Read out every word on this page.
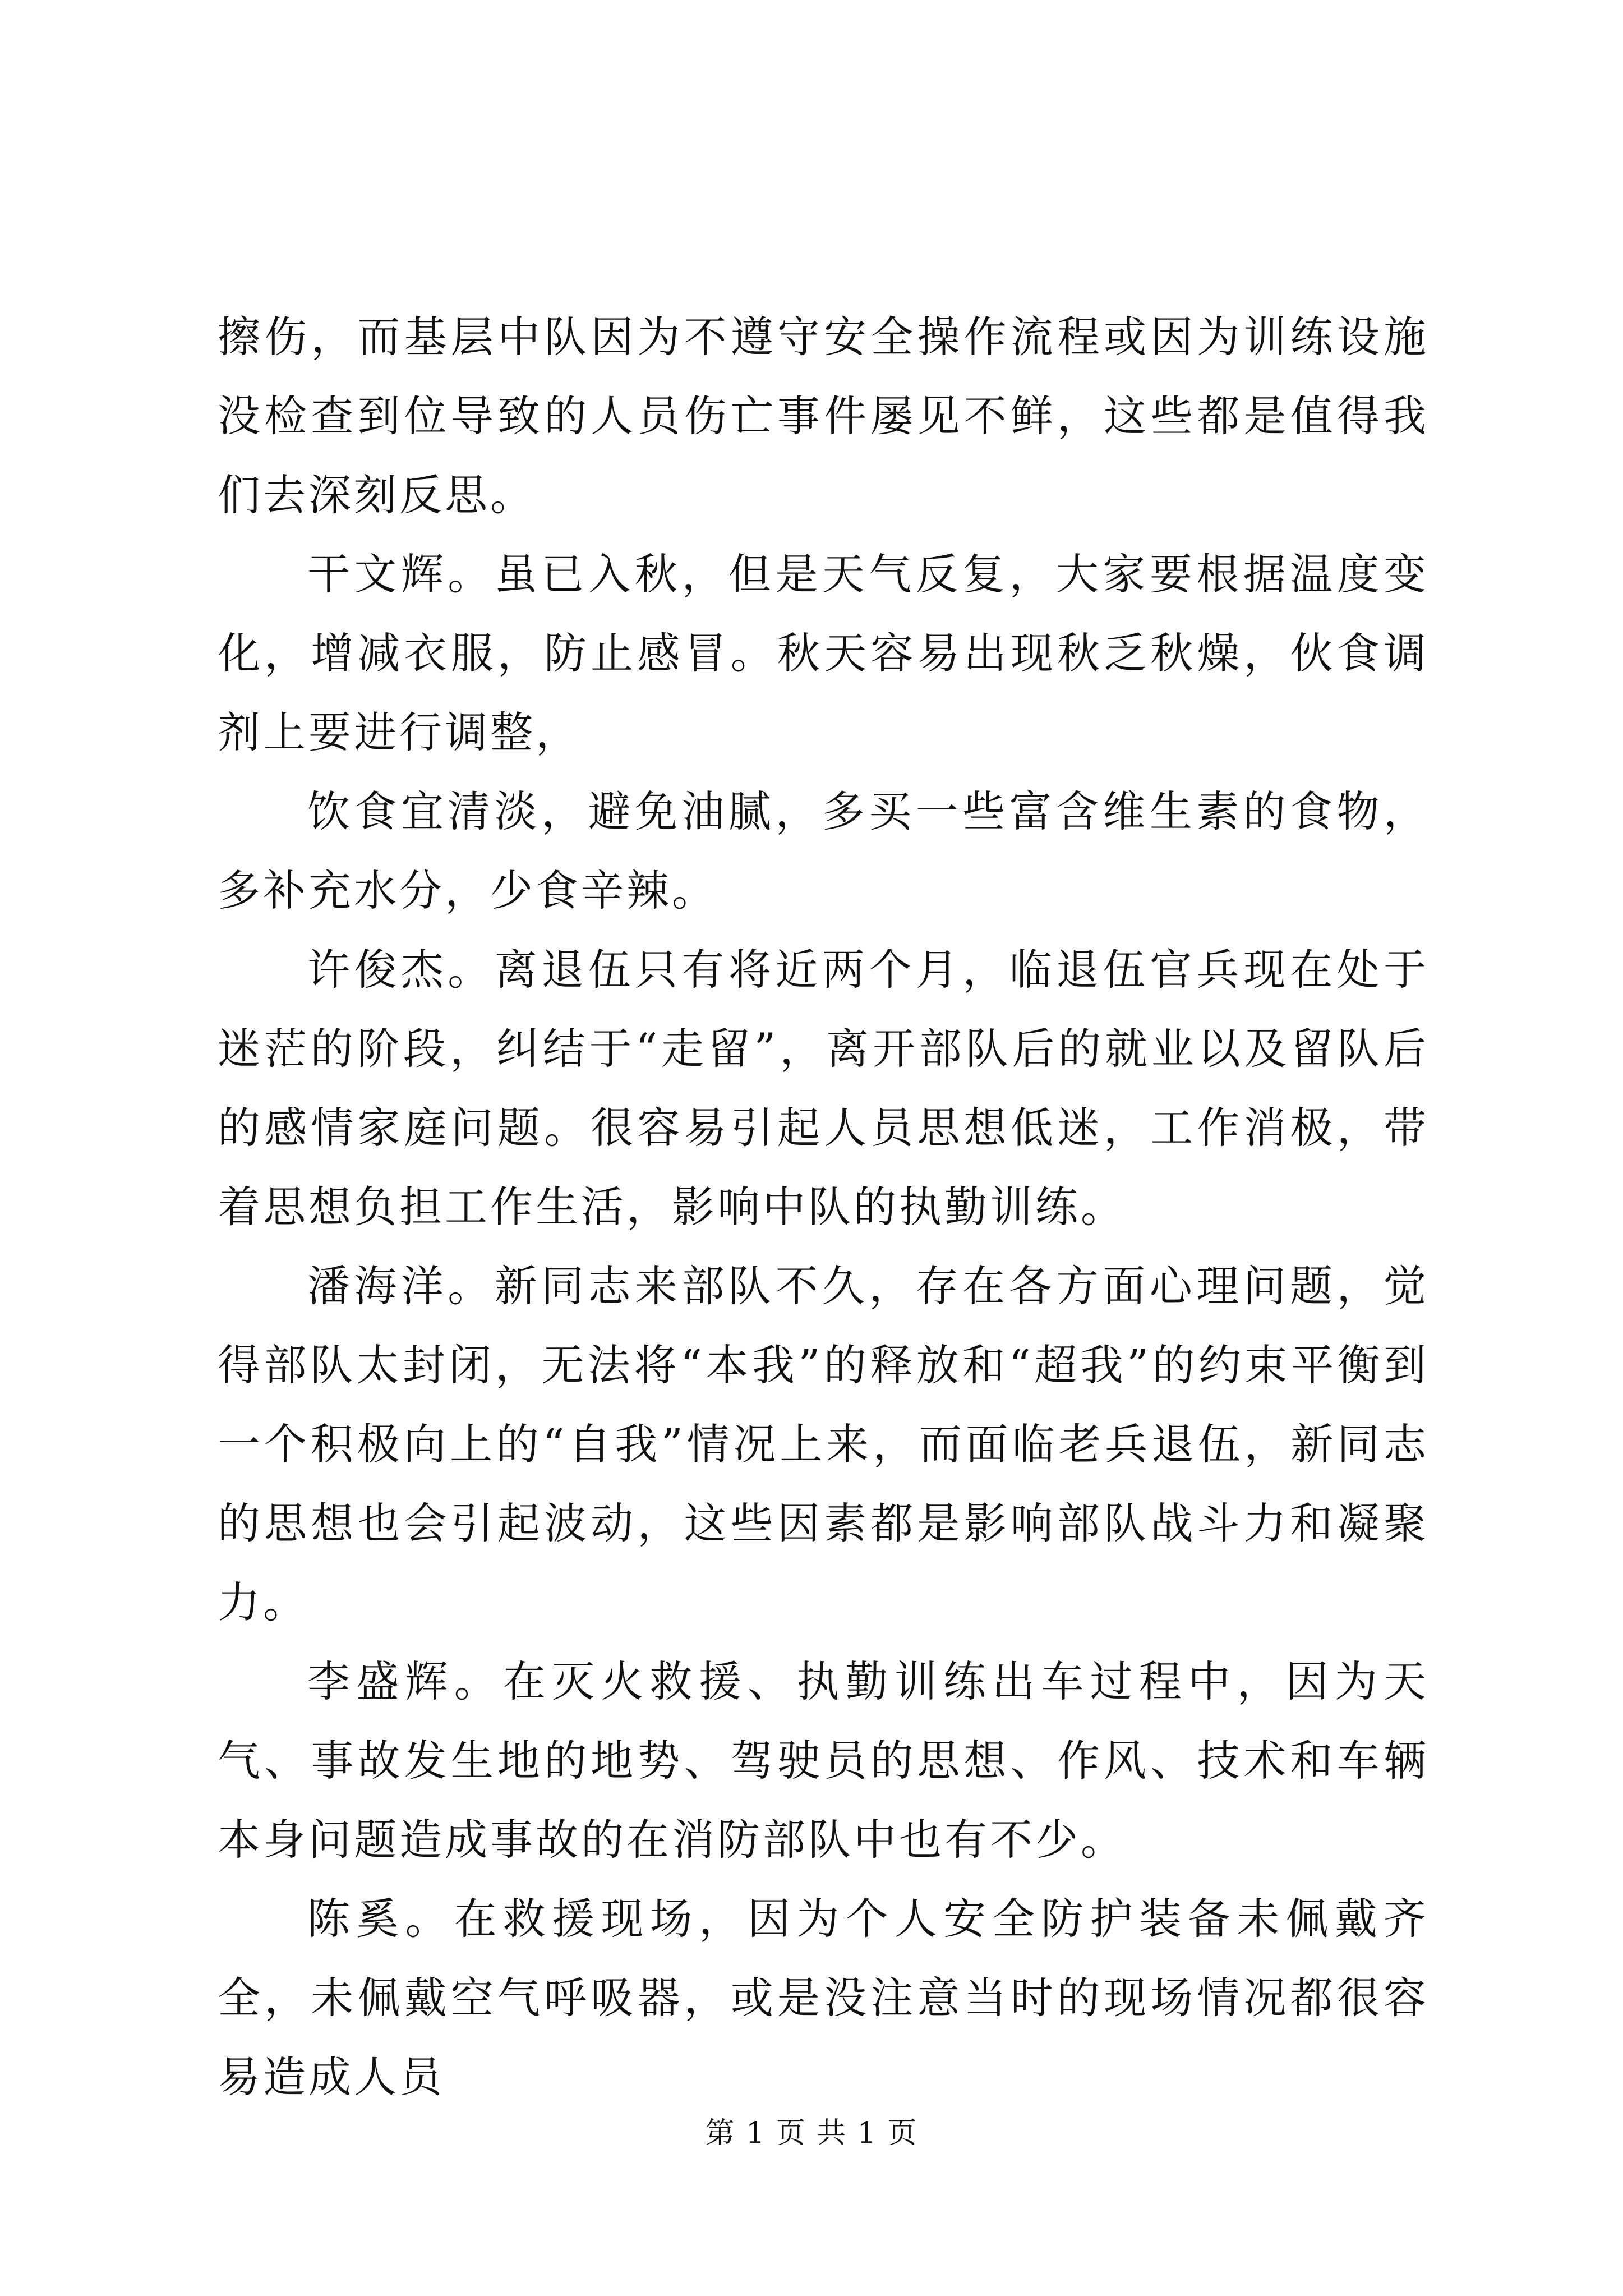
擦伤，而基层中队因为不遵守安全操作流程或因为训练设施没检查到位导致的人员伤亡事件屡见不鲜，这些都是值得我们去深刻反思。

干文辉。虽已入秋，但是天气反复，大家要根据温度变化，增减衣服，防止感冒。秋天容易出现秋乏秋燥，伙食调剂上要进行调整，

饮食宜清淡，避免油腻，多买一些富含维生素的食物，多补充水分，少食辛辣。

许俊杰。离退伍只有将近两个月，临退伍官兵现在处于迷茫的阶段，纠结于“走留”，离开部队后的就业以及留队后的感情家庭问题。很容易引起人员思想低迷，工作消极，带着思想负担工作生活，影响中队的执勤训练。

潘海洋。新同志来部队不久，存在各方面心理问题，觉得部队太封闭，无法将“本我”的释放和“超我”的约束平衡到一个积极向上的“自我”情况上来，而面临老兵退伍，新同志的思想也会引起波动，这些因素都是影响部队战斗力和凝聚力。

李盛辉。在灭火救援、执勤训练出车过程中，因为天气、事故发生地的地势、驾驶员的思想、作风、技术和车辆本身问题造成事故的在消防部队中也有不少。

陈奚。在救援现场，因为个人安全防护装备未佩戴齐全，未佩戴空气呼吸器，或是没注意当时的现场情况都很容易造成人员

第 1 页 共 1 页
